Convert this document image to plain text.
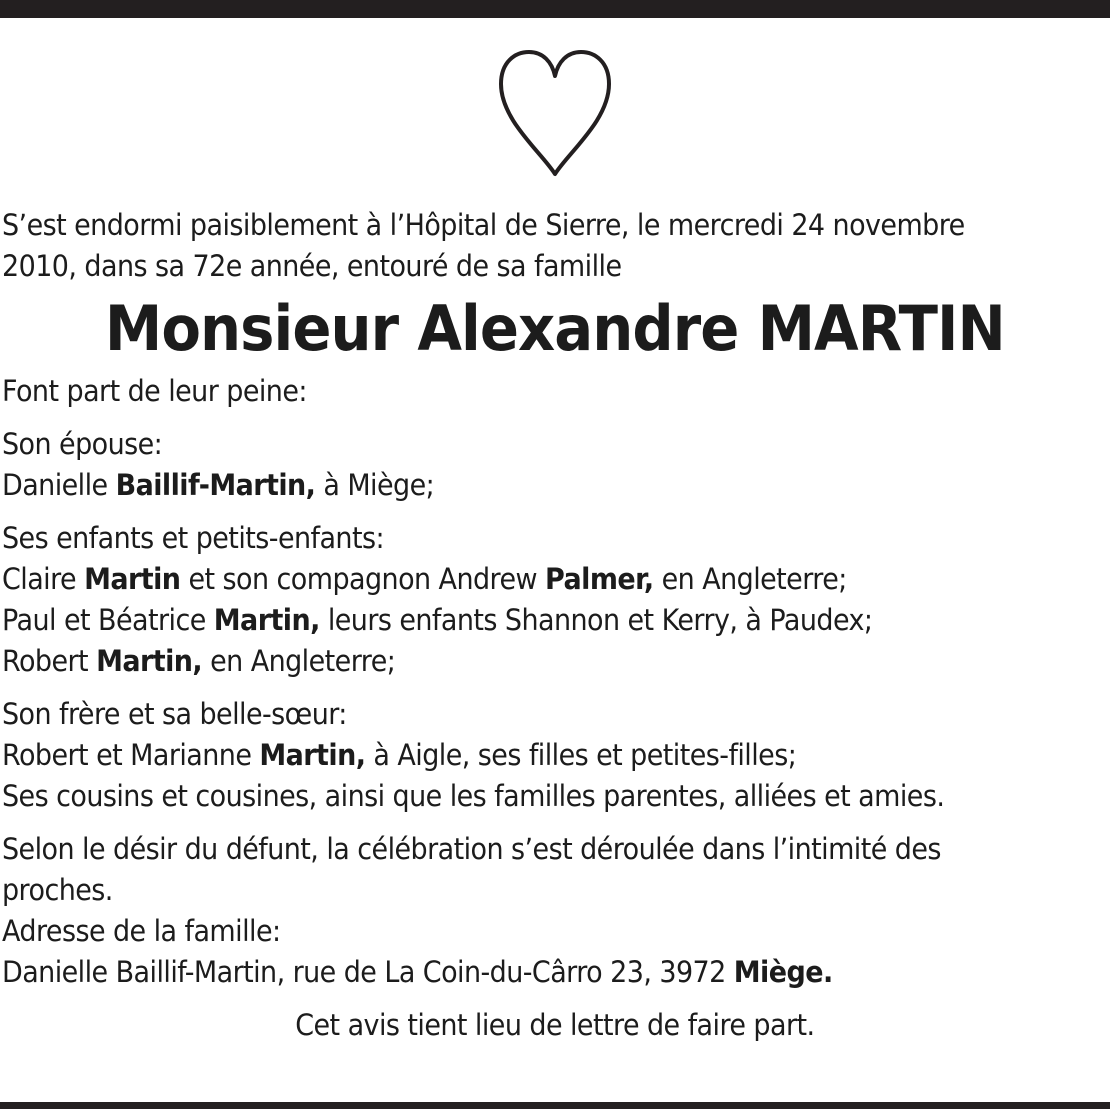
S’est endormi paisiblement à l’Hôpital de Sierre, le mercredi 24 novembre
2010, dans sa 72e année, entouré de sa famille
Monsieur Alexandre MARTIN
Font part de leur peine:
Son épouse:
Danielle Baillif-Martin, à Miège;
Ses enfants et petits-enfants:
Claire Martin et son compagnon Andrew Palmer, en Angleterre;
Paul et Béatrice Martin, leurs enfants Shannon et Kerry, à Paudex;
Robert Martin, en Angleterre;
Son frère et sa belle-sœur:
Robert et Marianne Martin, à Aigle, ses filles et petites-filles;
Ses cousins et cousines, ainsi que les familles parentes, alliées et amies.
Selon le désir du défunt, la célébration s’est déroulée dans l’intimité des
proches.
Adresse de la famille:
Danielle Baillif-Martin, rue de La Coin-du-Cârro 23, 3972 Miège.
Cet avis tient lieu de lettre de faire part.
